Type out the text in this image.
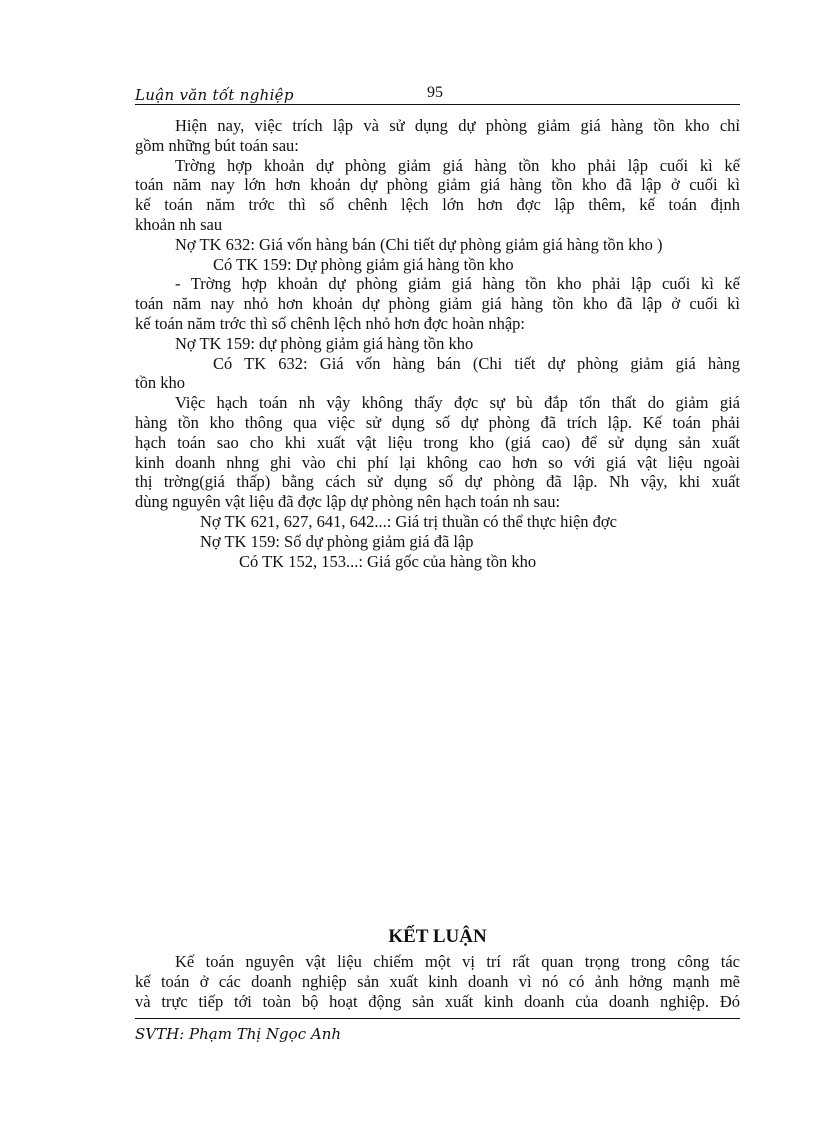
Luận văn tốt nghiệp	95
Hiện nay, việc trích lập và sử dụng dự phòng giảm giá hàng tồn kho chỉ
gồm những bút toán sau:
Trờng hợp khoản dự phòng giảm giá hàng tồn kho phải lập cuối kì kế
toán năm nay lớn hơn khoản dự phòng giảm giá hàng tồn kho đã lập ở cuối kì
kế toán năm trớc thì số chênh lệch lớn hơn đợc lập thêm, kế toán định
khoản nh sau
Nợ TK 632: Giá vốn hàng bán (Chi tiết dự phòng giảm giá hàng tồn kho )
Có TK 159: Dự phòng giảm giá hàng tồn kho
- Trờng hợp khoản dự phòng giảm giá hàng tồn kho phải lập cuối kì kế
toán năm nay nhỏ hơn khoản dự phòng giảm giá hàng tồn kho đã lập ở cuối kì
kế toán năm trớc thì số chênh lệch nhỏ hơn đợc hoàn nhập:
Nợ TK 159: dự phòng giảm giá hàng tồn kho
Có TK 632: Giá vốn hàng bán (Chi tiết dự phòng giảm giá hàng
tồn kho
Việc hạch toán nh vậy không thấy đợc sự bù đắp tổn thất do giảm giá
hàng tồn kho thông qua việc sử dụng số dự phòng đã trích lập. Kế toán phải
hạch toán sao cho khi xuất vật liệu trong kho (giá cao) để sử dụng sản xuất
kinh doanh nhng ghi vào chi phí lại không cao hơn so với giá vật liệu ngoài
thị trờng(giá thấp) bằng cách sử dụng số dự phòng đã lập. Nh vậy, khi xuất
dùng nguyên vật liệu đã đợc lập dự phòng nên hạch toán nh sau:
Nợ TK 621, 627, 641, 642...: Giá trị thuần có thể thực hiện đợc
Nợ TK 159: Số dự phòng giảm giá đã lập
Có TK 152, 153...: Giá gốc của hàng tồn kho
KẾT LUẬN
Kế toán nguyên vật liệu chiếm một vị trí rất quan trọng trong công tác
kế toán ở các doanh nghiệp sản xuất kinh doanh vì nó có ảnh hởng mạnh mẽ
và trực tiếp tới toàn bộ hoạt động sản xuất kinh doanh của doanh nghiệp. Đó
SVTH: Phạm Thị Ngọc Anh
